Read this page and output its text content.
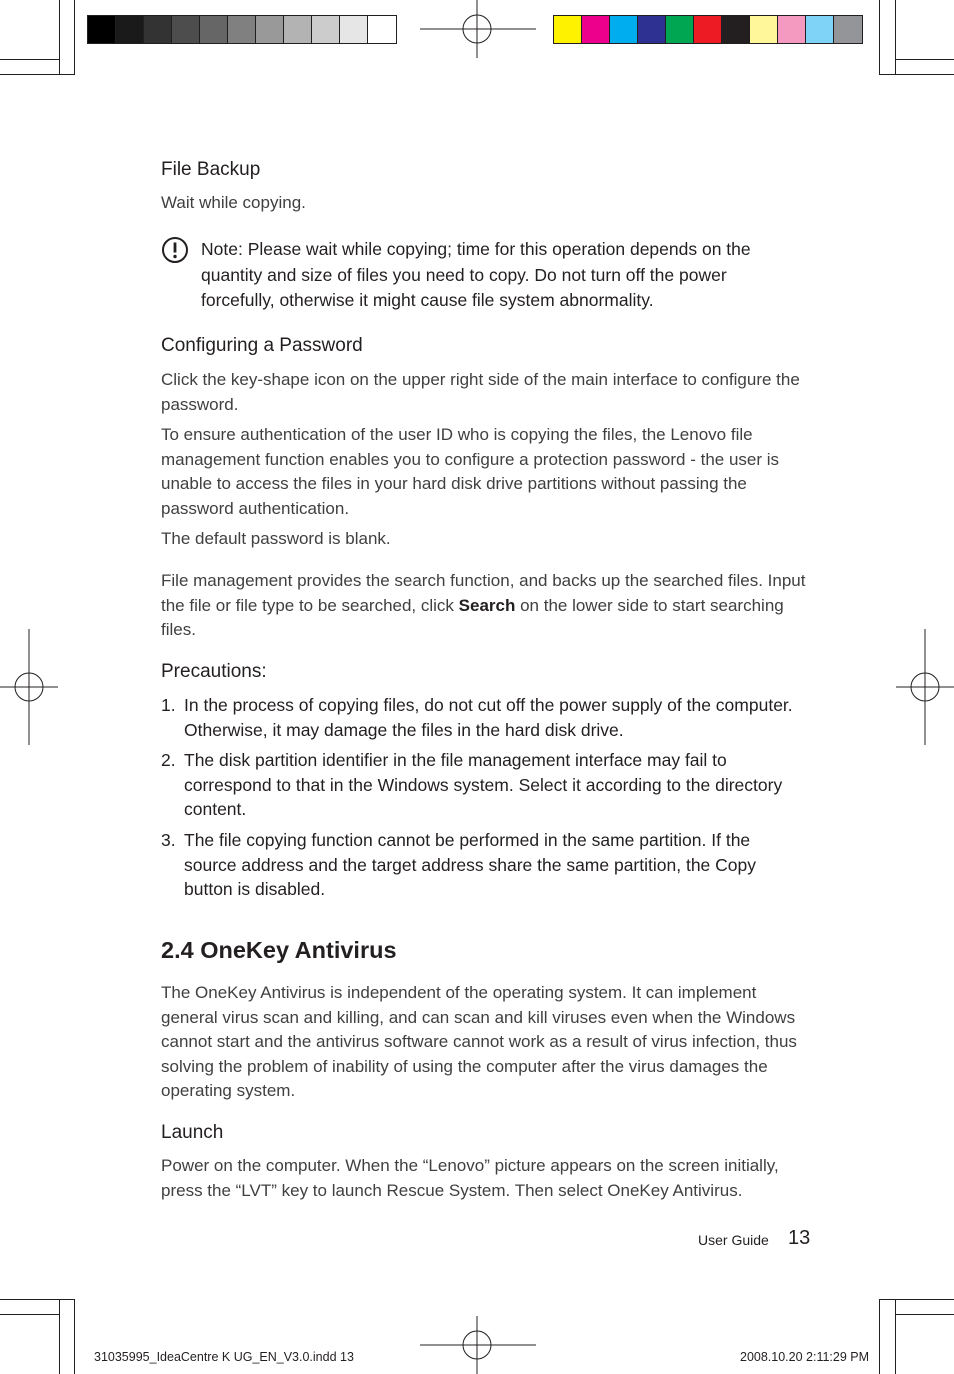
File Backup

Wait while copying.

Note: Please wait while copying; time for this operation depends on the quantity and size of files you need to copy. Do not turn off the power forcefully, otherwise it might cause file system abnormality.

Configuring a Password

Click the key-shape icon on the upper right side of the main interface to configure the password.

To ensure authentication of the user ID who is copying the files, the Lenovo file management function enables you to configure a protection password - the user is unable to access the files in your hard disk drive partitions without passing the password authentication.

The default password is blank.

File management provides the search function, and backs up the searched files. Input the file or file type to be searched, click Search on the lower side to start searching files.

Precautions:
1. In the process of copying files, do not cut off the power supply of the computer. Otherwise, it may damage the files in the hard disk drive.
2. The disk partition identifier in the file management interface may fail to correspond to that in the Windows system. Select it according to the directory content.
3. The file copying function cannot be performed in the same partition. If the source address and the target address share the same partition, the Copy button is disabled.
2.4 OneKey Antivirus

The OneKey Antivirus is independent of the operating system. It can implement general virus scan and killing, and can scan and kill viruses even when the Windows cannot start and the antivirus software cannot work as a result of virus infection, thus solving the problem of inability of using the computer after the virus damages the operating system.

Launch

Power on the computer. When the “Lenovo” picture appears on the screen initially, press the “LVT” key to launch Rescue System. Then select OneKey Antivirus.

User Guide 13
31035995_IdeaCentre K UG_EN_V3.0.indd 13	2008.10.20 2:11:29 PM
